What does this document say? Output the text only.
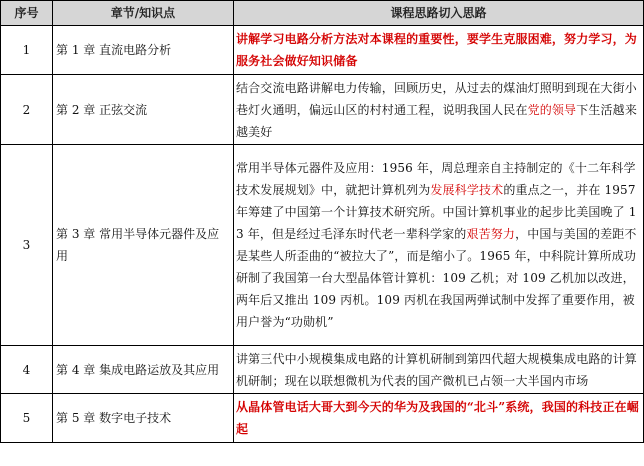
序号	章节/知识点	课程思路切入思路
1	第 1 章 直流电路分析	讲解学习电路分析方法对本课程的重要性，要学生克服困难，努力学习，为服务社会做好知识储备
2	第 2 章 正弦交流	结合交流电路讲解电力传输，回顾历史，从过去的煤油灯照明到现在大街小巷灯火通明，偏远山区的村村通工程，说明我国人民在党的领导下生活越来越美好
3	第 3 章 常用半导体元器件及应用	常用半导体元器件及应用：1956 年，周总理亲自主持制定的《十二年科学技术发展规划》中，就把计算机列为发展科学技术的重点之一，并在 1957 年筹建了中国第一个计算技术研究所。中国计算机事业的起步比美国晚了 13 年，但是经过毛泽东时代老一辈科学家的艰苦努力，中国与美国的差距不是某些人所歪曲的“被拉大了”，而是缩小了。1965 年，中科院计算所成功研制了我国第一台大型晶体管计算机：109 乙机；对 109 乙机加以改进，两年后又推出 109 丙机。109 丙机在我国两弹试制中发挥了重要作用，被用户誉为“功勋机”
4	第 4 章 集成电路运放及其应用	讲第三代中小规模集成电路的计算机研制到第四代超大规模集成电路的计算机研制；现在以联想微机为代表的国产微机已占领一大半国内市场
5	第 5 章 数字电子技术	从晶体管电话大哥大到今天的华为及我国的“北斗”系统，我国的科技正在崛起
